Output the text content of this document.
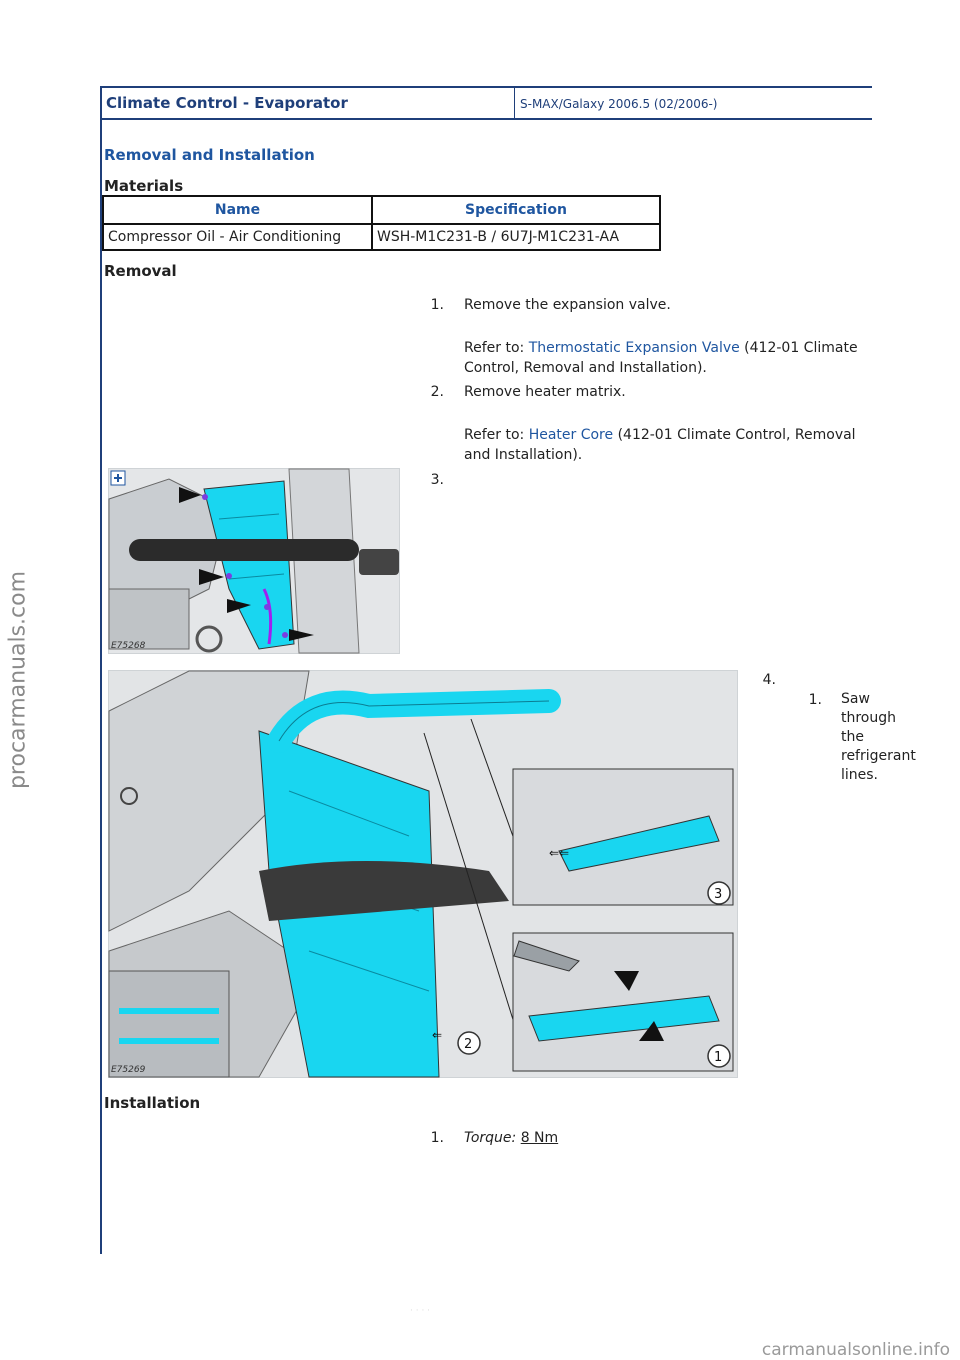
procarmanuals.com
Climate Control - Evaporator	S-MAX/Galaxy 2006.5 (02/2006-)
Removal and Installation
Materials
Name	Specification
Compressor Oil - Air Conditioning	WSH-M1C231-B / 6U7J-M1C231-AA
Removal
1. Remove the expansion valve.
Refer to: Thermostatic Expansion Valve (412-01 Climate
Control, Removal and Installation).
2. Remove heater matrix.
Refer to: Heater Core (412-01 Climate Control, Removal
and Installation).
E75268
3.
⇐⇐
⇐
3
2
1
E75269
4.
1. Saw
through
the
refrigerant
lines.
Installation
1. Torque: 8 Nm
· · · ·
carmanualsonline.info
